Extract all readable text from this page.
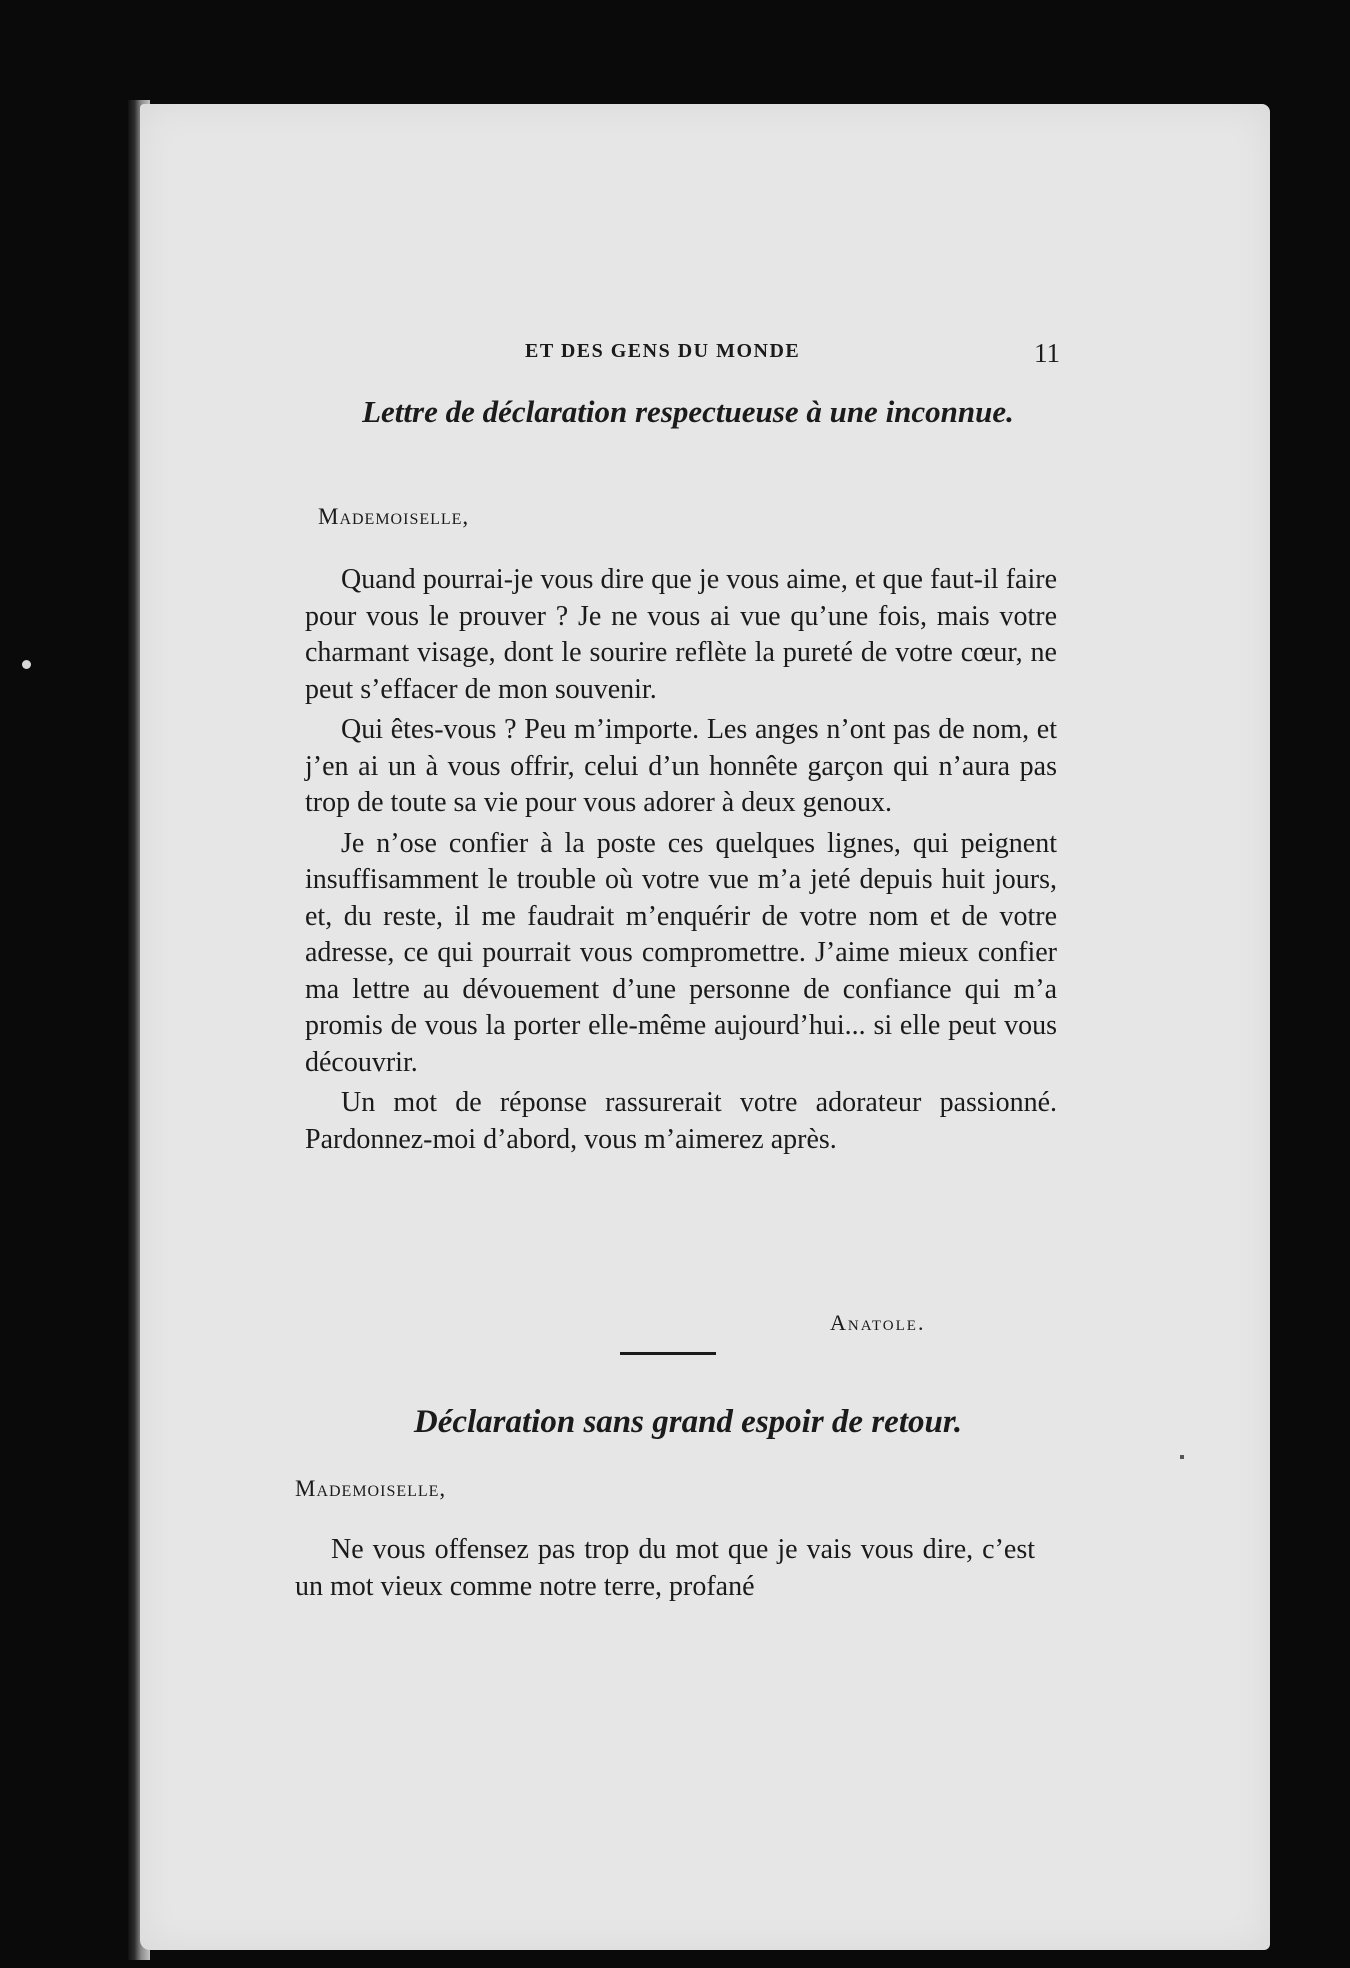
ET DES GENS DU MONDE	11
Lettre de déclaration respectueuse à une inconnue.
Mademoiselle,

Quand pourrai-je vous dire que je vous aime, et que faut-il faire pour vous le prouver ? Je ne vous ai vue qu’une fois, mais votre charmant visage, dont le sourire reflète la pureté de votre cœur, ne peut s’effacer de mon souvenir.

Qui êtes-vous ? Peu m’importe. Les anges n’ont pas de nom, et j’en ai un à vous offrir, celui d’un honnête garçon qui n’aura pas trop de toute sa vie pour vous adorer à deux genoux.

Je n’ose confier à la poste ces quelques lignes, qui peignent insuffisamment le trouble où votre vue m’a jeté depuis huit jours, et, du reste, il me faudrait m’enquérir de votre nom et de votre adresse, ce qui pourrait vous compromettre. J’aime mieux confier ma lettre au dévouement d’une personne de confiance qui m’a promis de vous la porter elle-même aujourd’hui... si elle peut vous découvrir.

Un mot de réponse rassurerait votre adorateur passionné. Pardonnez-moi d’abord, vous m’aimerez après.

Anatole.
Déclaration sans grand espoir de retour.
Mademoiselle,

Ne vous offensez pas trop du mot que je vais vous dire, c’est un mot vieux comme notre terre, profané
